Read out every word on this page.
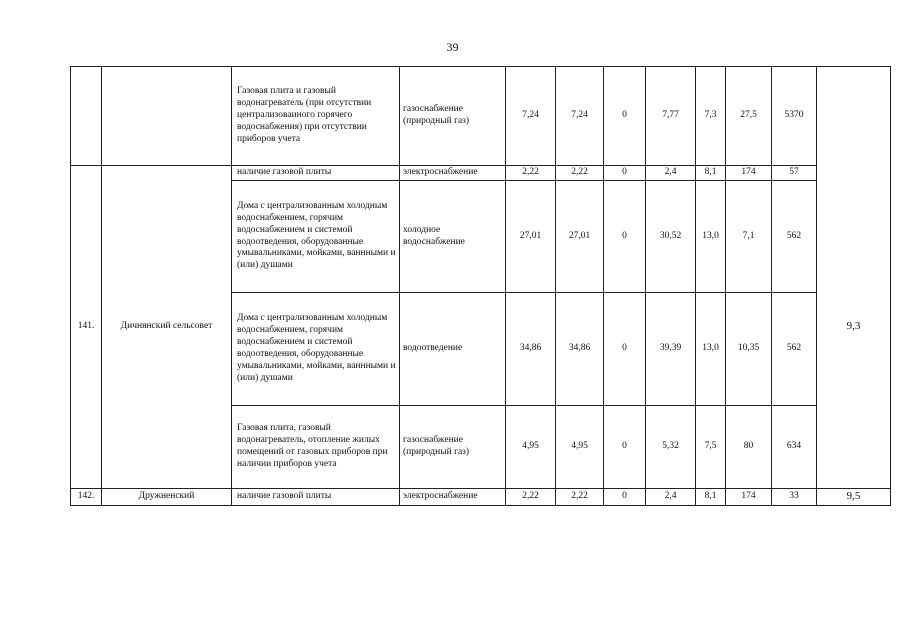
39
		Газовая плита и газовый водонагреватель (при отсутствии централизоваиного горячего водоснабжения) при отсутствии приборов учета	газоснабжение (природный газ)	7,24	7,24	0	7,77	7,3	27,5	5370	
141.	Дичнянский сельсовет	наличие газовой плиты	электроснабжение	2,22	2,22	0	2,4	8,1	174	57	9,3
		Дома с централизованным холодным водоснабжением, горячим водоснабжением и системой водоотведения, оборудованные умывальниками, мойками, ваннными и (или) душами	холодное водоснабжение	27,01	27,01	0	30,52	13,0	7,1	562	
		Дома с централизованным холодным водоснабжением, горячим водоснабжением и системой водоотведения, оборудованные умывальниками, мойками, ваннными и (или) душами	водоотведение	34,86	34,86	0	39,39	13,0	10,35	562	
		Газовая плита, газовый водонагреватель, отопление жилых помещений от газовых приборов при наличии приборов учета	газоснабжение (природный газ)	4,95	4,95	0	5,32	7,5	80	634	
142.	Дружненский	наличие газовой плиты	электроснабжение	2,22	2,22	0	2,4	8,1	174	33	9,5
